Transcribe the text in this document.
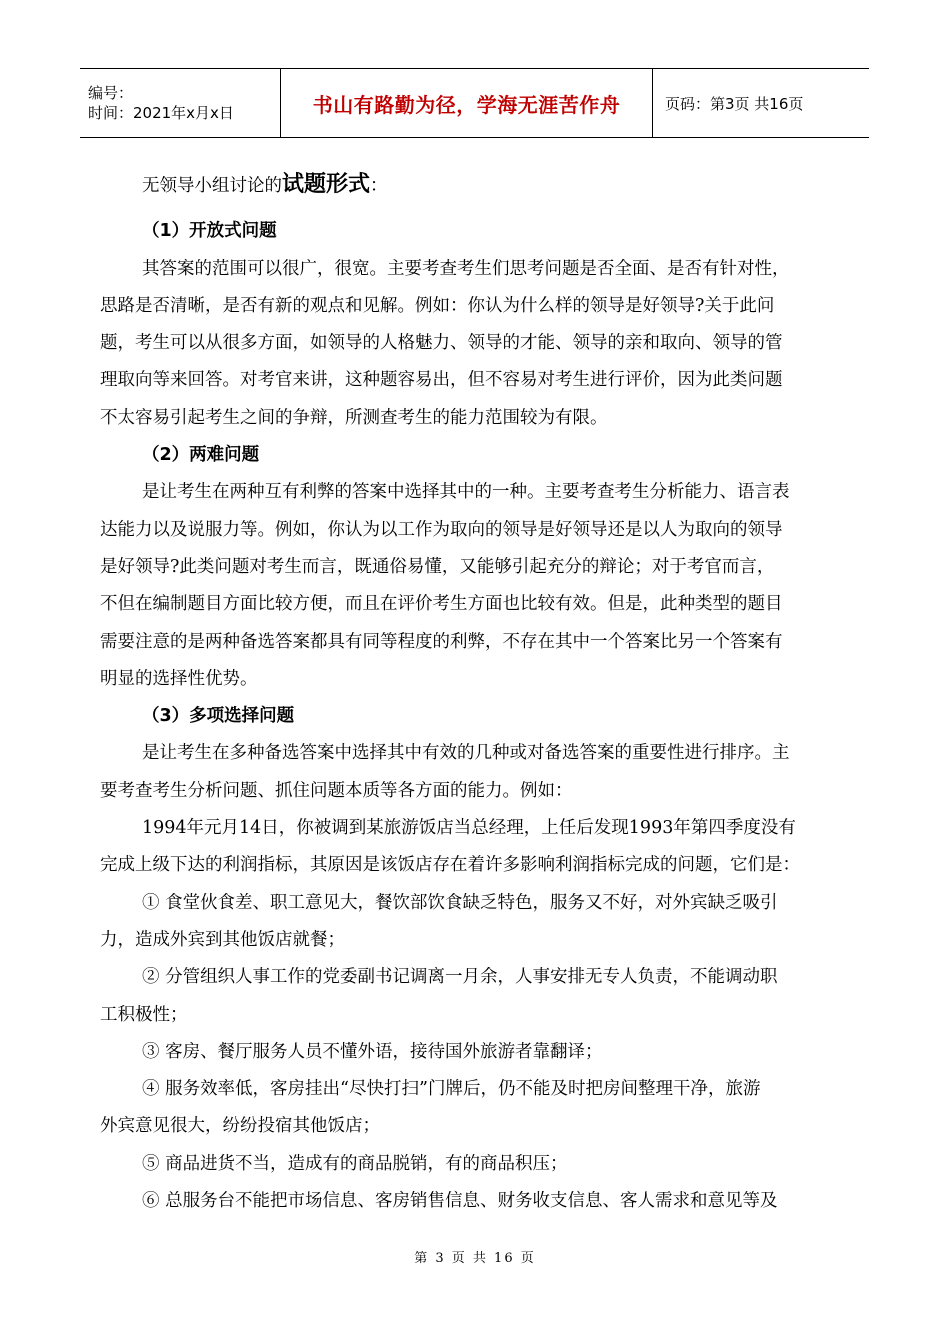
编号：
时间：2021年x月x日	书山有路勤为径，学海无涯苦作舟	页码：第3页 共16页
无领导小组讨论的试题形式：
（1）开放式问题
其答案的范围可以很广，很宽。主要考查考生们思考问题是否全面、是否有针对性，
思路是否清晰，是否有新的观点和见解。例如：你认为什么样的领导是好领导?关于此问
题，考生可以从很多方面，如领导的人格魅力、领导的才能、领导的亲和取向、领导的管
理取向等来回答。对考官来讲，这种题容易出，但不容易对考生进行评价，因为此类问题
不太容易引起考生之间的争辩，所测查考生的能力范围较为有限。
（2）两难问题
是让考生在两种互有利弊的答案中选择其中的一种。主要考查考生分析能力、语言表
达能力以及说服力等。例如，你认为以工作为取向的领导是好领导还是以人为取向的领导
是好领导?此类问题对考生而言，既通俗易懂，又能够引起充分的辩论；对于考官而言，
不但在编制题目方面比较方便，而且在评价考生方面也比较有效。但是，此种类型的题目
需要注意的是两种备选答案都具有同等程度的利弊，不存在其中一个答案比另一个答案有
明显的选择性优势。
（3）多项选择问题
是让考生在多种备选答案中选择其中有效的几种或对备选答案的重要性进行排序。主
要考查考生分析问题、抓住问题本质等各方面的能力。例如：
1994年元月14日，你被调到某旅游饭店当总经理，上任后发现1993年第四季度没有
完成上级下达的利润指标，其原因是该饭店存在着许多影响利润指标完成的问题，它们是：
① 食堂伙食差、职工意见大，餐饮部饮食缺乏特色，服务又不好，对外宾缺乏吸引
力，造成外宾到其他饭店就餐；
② 分管组织人事工作的党委副书记调离一月余，人事安排无专人负责，不能调动职
工积极性；
③ 客房、餐厅服务人员不懂外语，接待国外旅游者靠翻译；
④ 服务效率低，客房挂出“尽快打扫”门牌后，仍不能及时把房间整理干净，旅游
外宾意见很大，纷纷投宿其他饭店；
⑤ 商品进货不当，造成有的商品脱销，有的商品积压；
⑥ 总服务台不能把市场信息、客房销售信息、财务收支信息、客人需求和意见等及
第 3 页 共 16 页
